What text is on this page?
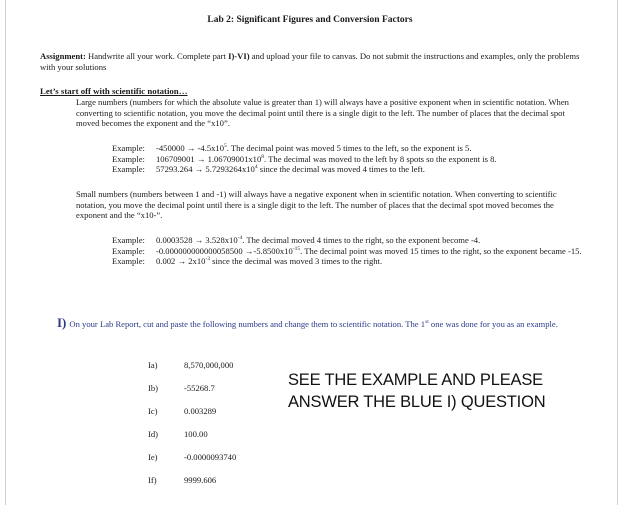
Lab 2: Significant Figures and Conversion Factors
Assignment: Handwrite all your work. Complete part I)-VI) and upload your file to canvas. Do not submit the instructions and examples, only the problems with your solutions
Let’s start off with scientific notation…
Large numbers (numbers for which the absolute value is greater than 1) will always have a positive exponent when in scientific notation. When converting to scientific notation, you move the decimal point until there is a single digit to the left. The number of places that the decimal spot moved becomes the exponent and the “x10”.
Example:	$-450000 \to -4.5x10^5$. The decimal point was moved 5 times to the left, so the exponent is 5.
Example:	$106709001 \to 1.06709001x10^8$. The decimal was moved to the left by 8 spots so the exponent is 8.
Example:	$57293.264 \to 5.7293264x10^4$ since the decimal was moved 4 times to the left.
Small numbers (numbers between 1 and -1) will always have a negative exponent when in scientific notation. When converting to scientific notation, you move the decimal point until there is a single digit to the left. The number of places that the decimal spot moved becomes the exponent and the “x10-”.
Example:	$0.0003528 \to 3.528x10^{-4}$. The decimal moved 4 times to the right, so the exponent become -4.
Example:	$-0.000000000000058500 \to-5.8500x10^{-15}$. The decimal point was moved 15 times to the right, so the exponent became -15.
Example:	$0.002 \to 2x10^{-3}$ since the decimal was moved 3 times to the right.
I) On your Lab Report, cut and paste the following numbers and change them to scientific notation. The 1st one was done for you as an example.
Ia)	8,570,000,000
Ib)	-55268.7
Ic)	0.003289
Id)	100.00
Ie)	-0.0000093740
If)	9999.606
SEE THE EXAMPLE AND PLEASE ANSWER THE BLUE I) QUESTION
